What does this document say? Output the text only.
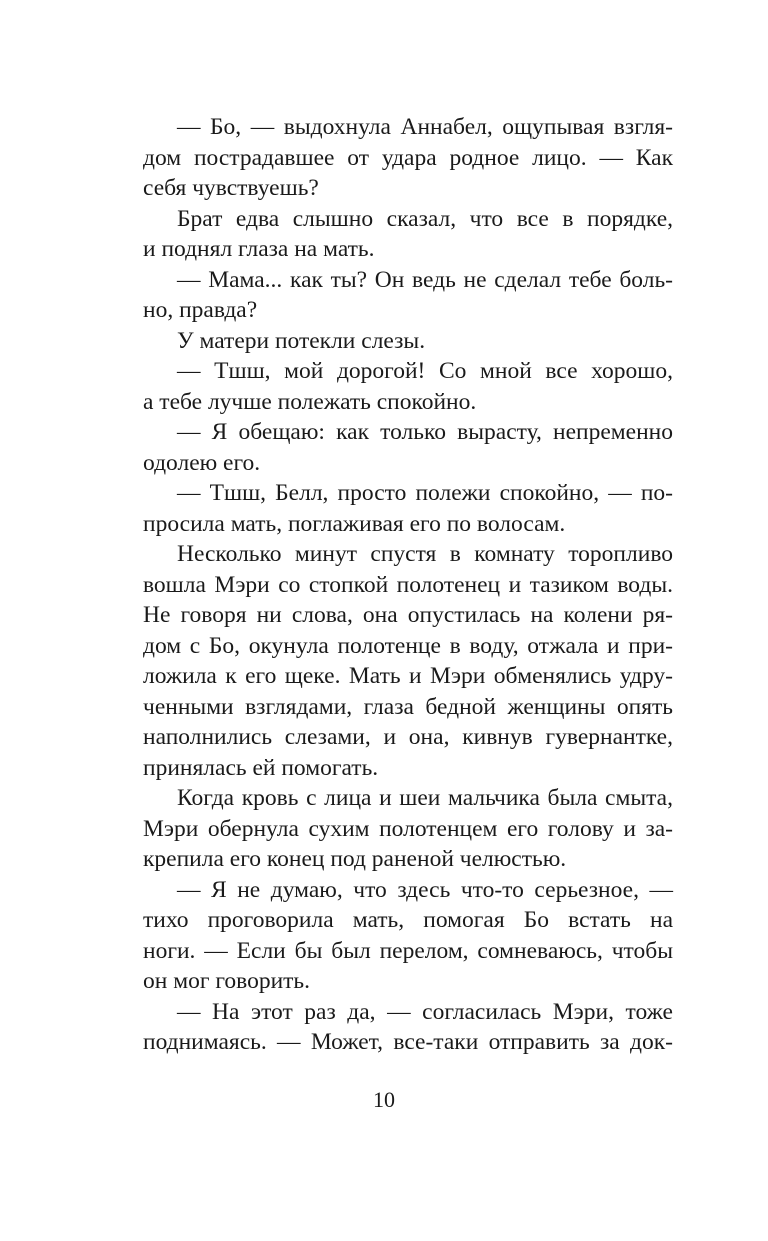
— Бо, — выдохнула Аннабел, ощупывая взгля-
дом пострадавшее от удара родное лицо. — Как
себя чувствуешь?
Брат едва слышно сказал, что все в порядке,
и поднял глаза на мать.
— Мама... как ты? Он ведь не сделал тебе боль-
но, правда?
У матери потекли слезы.
— Тшш, мой дорогой! Со мной все хорошо,
а тебе лучше полежать спокойно.
— Я обещаю: как только вырасту, непременно
одолею его.
— Тшш, Белл, просто полежи спокойно, — по-
просила мать, поглаживая его по волосам.
Несколько минут спустя в комнату торопливо
вошла Мэри со стопкой полотенец и тазиком воды.
Не говоря ни слова, она опустилась на колени ря-
дом с Бо, окунула полотенце в воду, отжала и при-
ложила к его щеке. Мать и Мэри обменялись удру-
ченными взглядами, глаза бедной женщины опять
наполнились слезами, и она, кивнув гувернантке,
принялась ей помогать.
Когда кровь с лица и шеи мальчика была смыта,
Мэри обернула сухим полотенцем его голову и за-
крепила его конец под раненой челюстью.
— Я не думаю, что здесь что-то серьезное, —
тихо проговорила мать, помогая Бо встать на
ноги. — Если бы был перелом, сомневаюсь, чтобы
он мог говорить.
— На этот раз да, — согласилась Мэри, тоже
поднимаясь. — Может, все-таки отправить за док-
10
